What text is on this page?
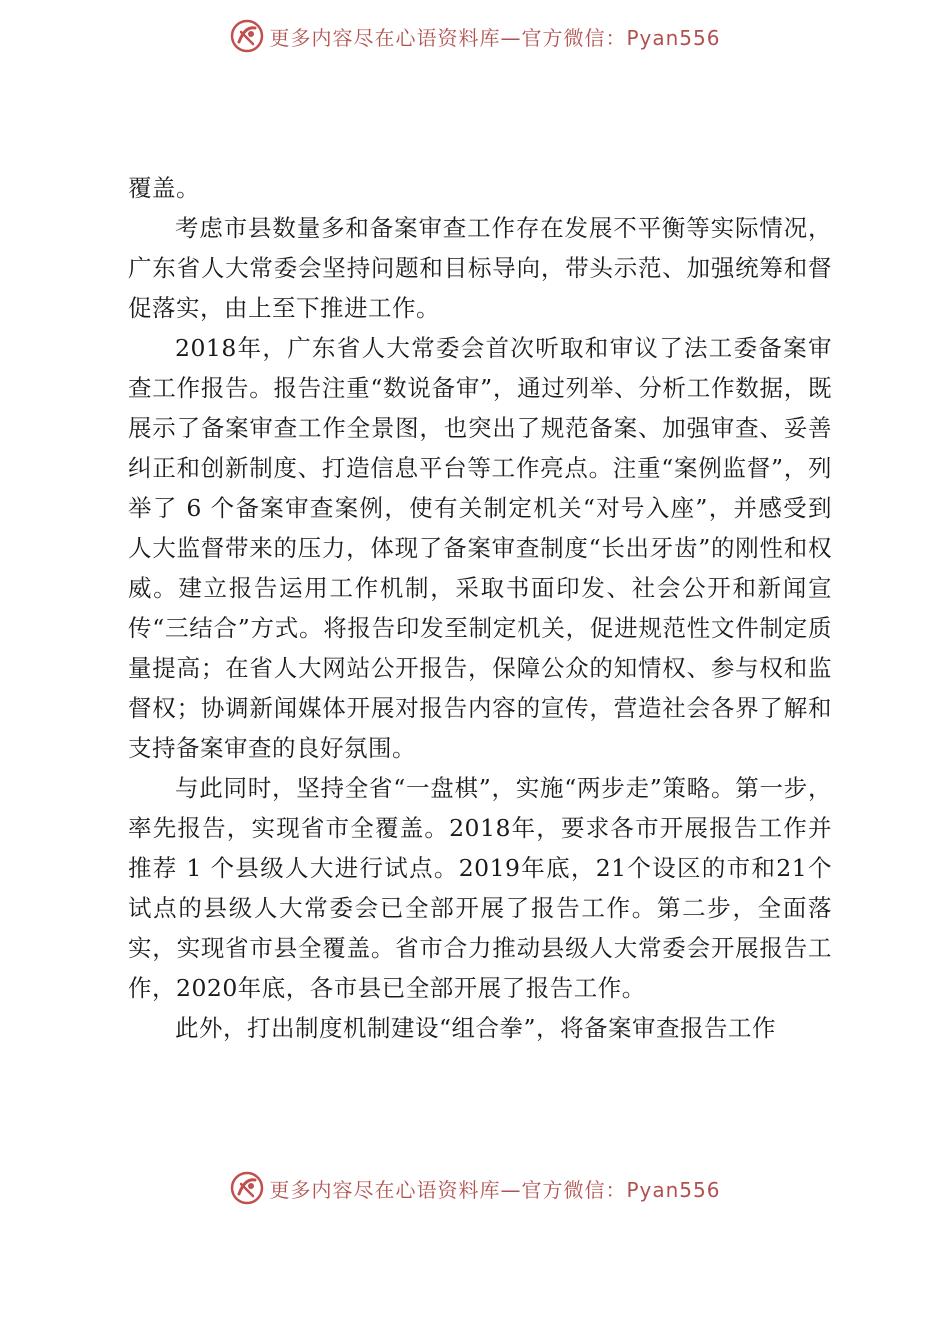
更多内容尽在心语资料库—官方微信：Pyan556

覆盖。

考虑市县数量多和备案审查工作存在发展不平衡等实际情况，广东省人大常委会坚持问题和目标导向，带头示范、加强统筹和督促落实，由上至下推进工作。

2018年，广东省人大常委会首次听取和审议了法工委备案审查工作报告。报告注重“数说备审”，通过列举、分析工作数据，既展示了备案审查工作全景图，也突出了规范备案、加强审查、妥善纠正和创新制度、打造信息平台等工作亮点。注重“案例监督”，列举了 6 个备案审查案例，使有关制定机关“对号入座”，并感受到人大监督带来的压力，体现了备案审查制度“长出牙齿”的刚性和权威。建立报告运用工作机制，采取书面印发、社会公开和新闻宣传“三结合”方式。将报告印发至制定机关，促进规范性文件制定质量提高；在省人大网站公开报告，保障公众的知情权、参与权和监督权；协调新闻媒体开展对报告内容的宣传，营造社会各界了解和支持备案审查的良好氛围。

与此同时，坚持全省“一盘棋”，实施“两步走”策略。第一步，率先报告，实现省市全覆盖。2018年，要求各市开展报告工作并推荐 1 个县级人大进行试点。2019年底，21个设区的市和21个试点的县级人大常委会已全部开展了报告工作。第二步，全面落实，实现省市县全覆盖。省市合力推动县级人大常委会开展报告工作，2020年底，各市县已全部开展了报告工作。

此外，打出制度机制建设“组合拳”，将备案审查报告工作

更多内容尽在心语资料库—官方微信：Pyan556
